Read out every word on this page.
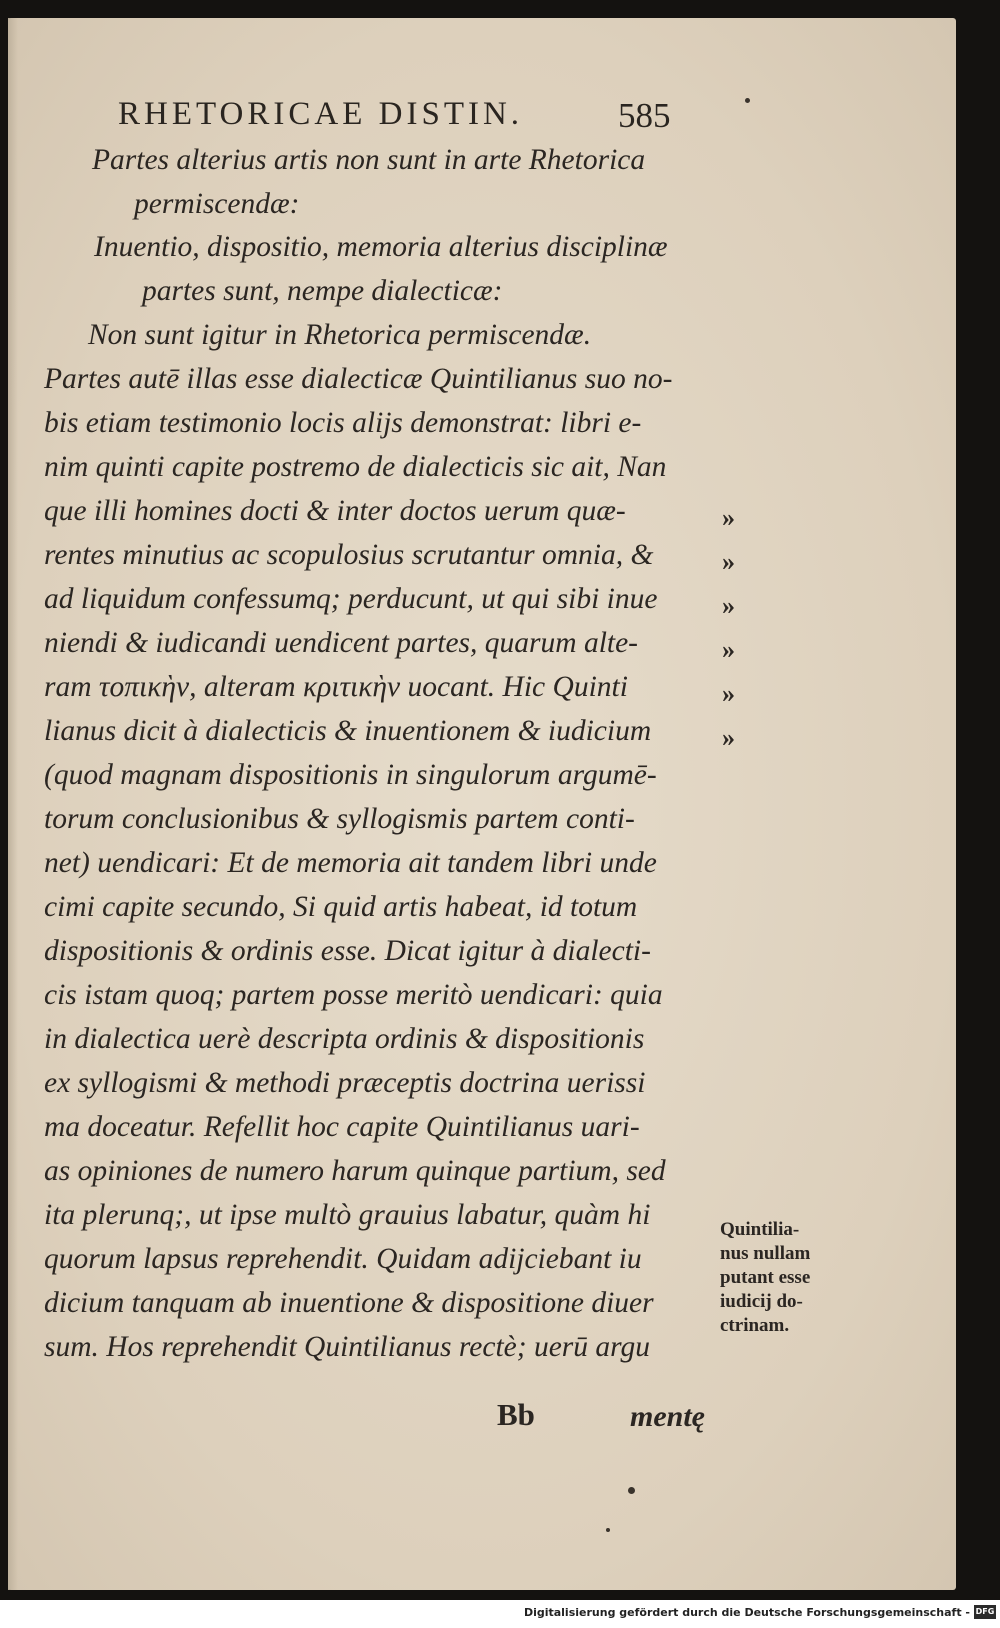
RHETORICAE DISTIN.	585
Partes alterius artis non sunt in arte Rhetorica
permiscendæ:
Inuentio, dispositio, memoria alterius disciplinæ
partes sunt, nempe dialecticæ:
Non sunt igitur in Rhetorica permiscendæ.
Partes autē illas esse dialecticæ Quintilianus suo no-
bis etiam testimonio locis alijs demonstrat: libri e-
nim quinti capite postremo de dialecticis sic ait, Nan
que illi homines docti & inter doctos uerum quæ-
rentes minutius ac scopulosius scrutantur omnia, &
ad liquidum confessumq; perducunt, ut qui sibi inue
niendi & iudicandi uendicent partes, quarum alte-
ram τοπικὴν, alteram κριτικὴν uocant. Hic Quinti
lianus dicit à dialecticis & inuentionem & iudicium
(quod magnam dispositionis in singulorum argumē-
torum conclusionibus & syllogismis partem conti-
net) uendicari: Et de memoria ait tandem libri unde
cimi capite secundo, Si quid artis habeat, id totum
dispositionis & ordinis esse. Dicat igitur à dialecti-
cis istam quoq; partem posse meritò uendicari: quia
in dialectica uerè descripta ordinis & dispositionis
ex syllogismi & methodi præceptis doctrina uerissi
ma doceatur. Refellit hoc capite Quintilianus uari-
as opiniones de numero harum quinque partium, sed
ita plerunq;, ut ipse multò grauius labatur, quàm hi
quorum lapsus reprehendit. Quidam adijciebant iu
dicium tanquam ab inuentione & dispositione diuer
sum. Hos reprehendit Quintilianus rectè; uerū argu
»
»
»
»
»
»
Quintilia-
nus nullam
putant esse
iudicij do-
ctrinam.
Bb	mentę
Digitalisierung gefördert durch die Deutsche Forschungsgemeinschaft - DFG
